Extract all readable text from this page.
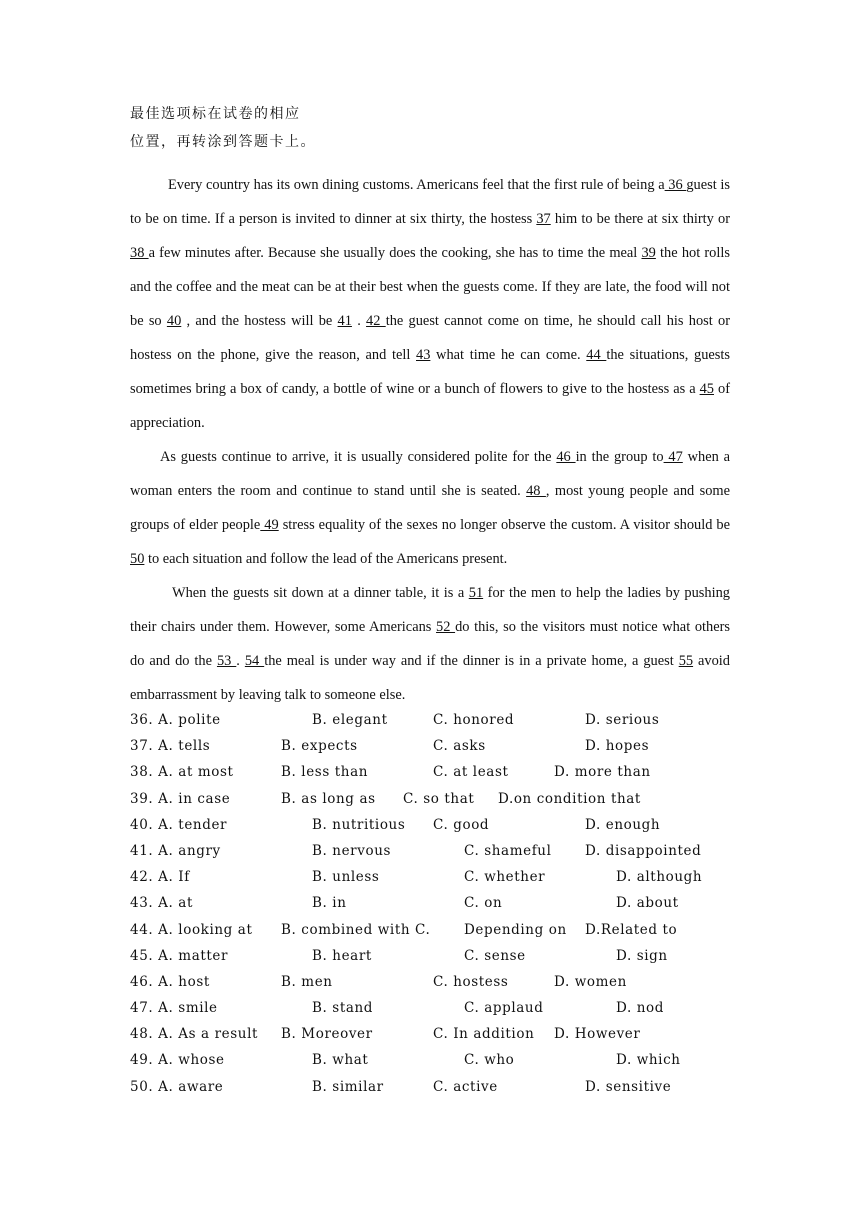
最佳选项标在试卷的相应
位置，再转涂到答题卡上。

Every country has its own dining customs. Americans feel that the first rule of being a 36 guest is to be on time. If a person is invited to dinner at six thirty, the hostess 37 him to be there at six thirty or 38 a few minutes after. Because she usually does the cooking, she has to time the meal 39 the hot rolls and the coffee and the meat can be at their best when the guests come. If they are late, the food will not be so 40 , and the hostess will be 41 . 42 the guest cannot come on time, he should call his host or hostess on the phone, give the reason, and tell 43 what time he can come. 44 the situations, guests sometimes bring a box of candy, a bottle of wine or a bunch of flowers to give to the hostess as a 45 of appreciation.

As guests continue to arrive, it is usually considered polite for the 46 in the group to 47 when a woman enters the room and continue to stand until she is seated. 48 , most young people and some groups of elder people 49 stress equality of the sexes no longer observe the custom. A visitor should be 50 to each situation and follow the lead of the Americans present.

When the guests sit down at a dinner table, it is a 51 for the men to help the ladies by pushing their chairs under them. However, some Americans 52 do this, so the visitors must notice what others do and do the 53 . 54 the meal is under way and if the dinner is in a private home, a guest 55 avoid embarrassment by leaving talk to someone else.

36. A. polite	B. elegant	C. honored	D. serious
37. A. tells	B. expects	C. asks	D. hopes
38. A. at most	B. less than	C. at least	D. more than
39. A. in case	B. as long as C. so that D.on condition that
40. A. tender	B. nutritious C. good	D. enough
41. A. angry	B. nervous	C. shameful D. disappointed
42. A. If	B. unless	C. whether	D. although
43. A. at	B. in	C. on	D. about
44. A. looking at B. combined with C. Depending on D.Related to
45. A. matter	B. heart	C. sense	D. sign
46. A. host	B. men	C. hostess	D. women
47. A. smile	B. stand	C. applaud	D. nod
48. A. As a result B. Moreover	C. In addition D. However
49. A. whose	B. what	C. who	D. which
50. A. aware	B. similar	C. active	D. sensitive
